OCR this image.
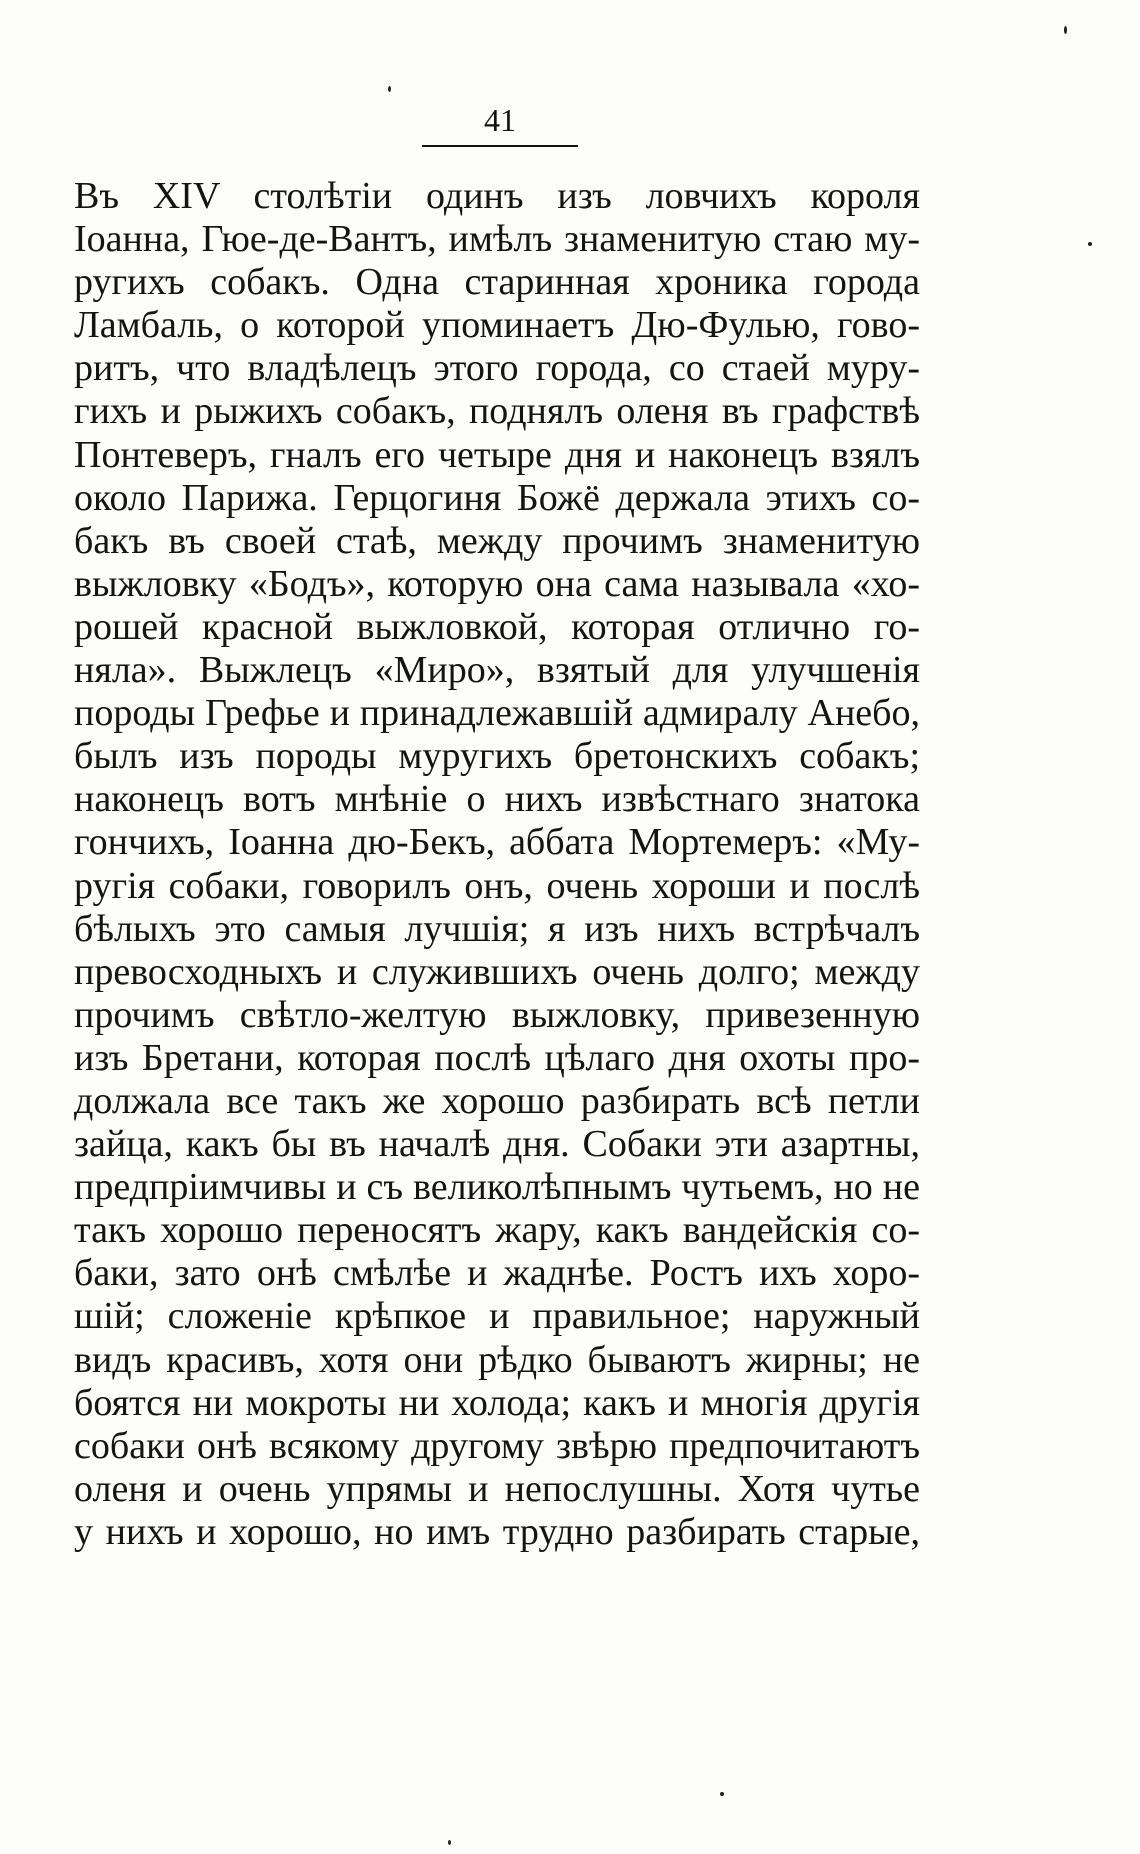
41
Въ XIV столѣтіи одинъ изъ ловчихъ короля
Іоанна, Гюе-де-Вантъ, имѣлъ знаменитую стаю му-
ругихъ собакъ. Одна старинная хроника города
Ламбаль, о которой упоминаетъ Дю-Фулью, гово-
ритъ, что владѣлецъ этого города, со стаей муру-
гихъ и рыжихъ собакъ, поднялъ оленя въ графствѣ
Понтеверъ, гналъ его четыре дня и наконецъ взялъ
около Парижа. Герцогиня Божё держала этихъ со-
бакъ въ своей стаѣ, между прочимъ знаменитую
выжловку «Бодъ», которую она сама называла «хо-
рошей красной выжловкой, которая отлично го-
няла». Выжлецъ «Миро», взятый для улучшенія
породы Грефье и принадлежавшій адмиралу Анебо,
былъ изъ породы муругихъ бретонскихъ собакъ;
наконецъ вотъ мнѣніе о нихъ извѣстнаго знатока
гончихъ, Іоанна дю-Бекъ, аббата Мортемеръ: «Му-
ругія собаки, говорилъ онъ, очень хороши и послѣ
бѣлыхъ это самыя лучшія; я изъ нихъ встрѣчалъ
превосходныхъ и служившихъ очень долго; между
прочимъ свѣтло-желтую выжловку, привезенную
изъ Бретани, которая послѣ цѣлаго дня охоты про-
должала все такъ же хорошо разбирать всѣ петли
зайца, какъ бы въ началѣ дня. Собаки эти азартны,
предпріимчивы и съ великолѣпнымъ чутьемъ, но не
такъ хорошо переносятъ жару, какъ вандейскія со-
баки, зато онѣ смѣлѣе и жаднѣе. Ростъ ихъ хоро-
шій; сложеніе крѣпкое и правильное; наружный
видъ красивъ, хотя они рѣдко бываютъ жирны; не
боятся ни мокроты ни холода; какъ и многія другія
собаки онѣ всякому другому звѣрю предпочитаютъ
оленя и очень упрямы и непослушны. Хотя чутье
у нихъ и хорошо, но имъ трудно разбирать старые,
